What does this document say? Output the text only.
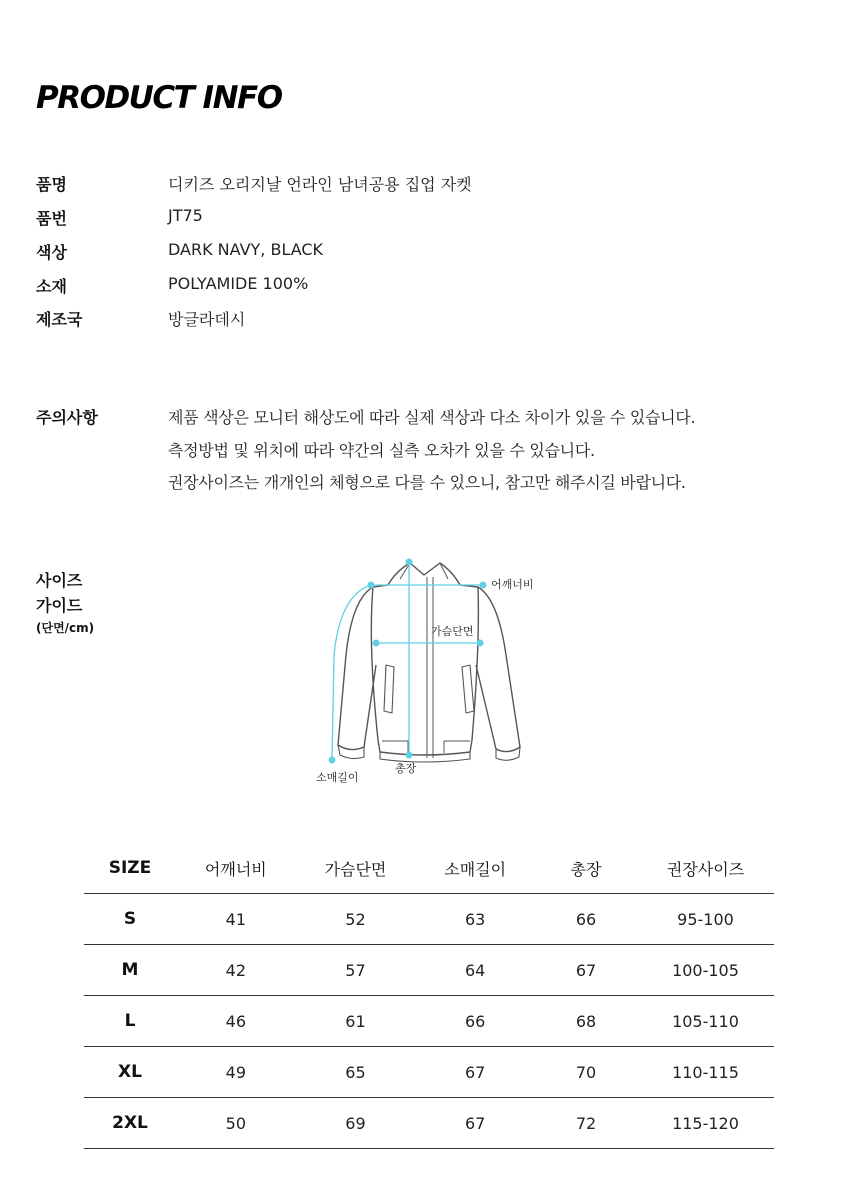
PRODUCT INFO
품명	디키즈 오리지날 언라인 남녀공용 집업 자켓
품번	JT75
색상	DARK NAVY, BLACK
소재	POLYAMIDE 100%
제조국	방글라데시
주의사항	제품 색상은 모니터 해상도에 따라 실제 색상과 다소 차이가 있을 수 있습니다.
측정방법 및 위치에 따라 약간의 실측 오차가 있을 수 있습니다.
권장사이즈는 개개인의 체형으로 다를 수 있으니, 참고만 해주시길 바랍니다.
사이즈
가이드
(단면/cm)
어깨너비
가슴단면
소매길이
총장
SIZE	어깨너비	가슴단면	소매길이	총장	권장사이즈
S	41	52	63	66	95-100
M	42	57	64	67	100-105
L	46	61	66	68	105-110
XL	49	65	67	70	110-115
2XL	50	69	67	72	115-120
